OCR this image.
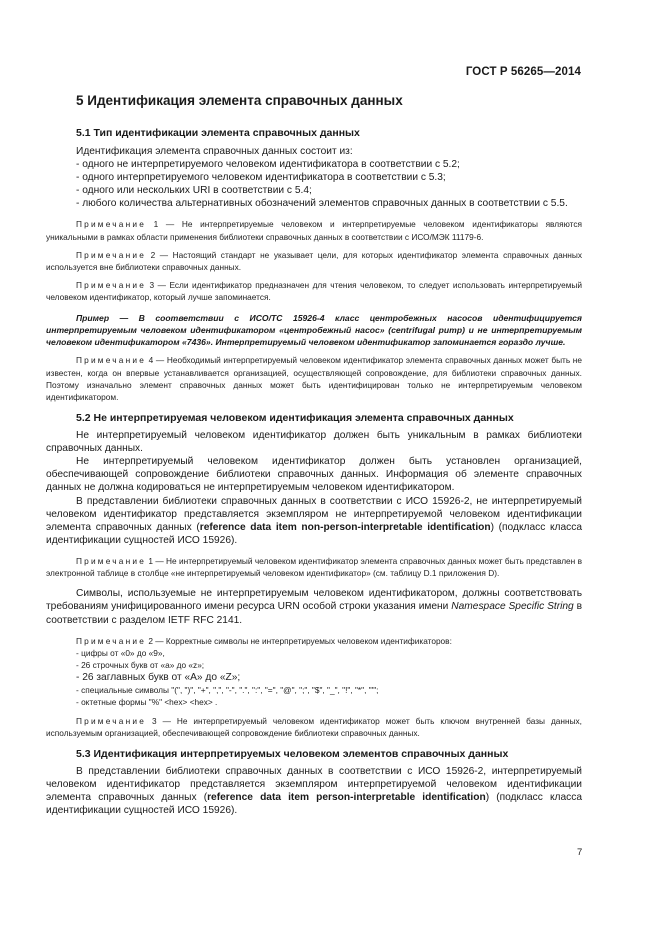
ГОСТ Р 56265—2014
5 Идентификация элемента справочных данных
5.1 Тип идентификации элемента справочных данных

Идентификация элемента справочных данных состоит из:

- одного не интерпретируемого человеком идентификатора в соответствии с 5.2;

- одного интерпретируемого человеком идентификатора в соответствии с 5.3;

- одного или нескольких URI в соответствии с 5.4;

- любого количества альтернативных обозначений элементов справочных данных в соответствии с 5.5.

Примечание 1 — Не интерпретируемые человеком и интерпретируемые человеком идентификаторы являются уникальными в рамках области применения библиотеки справочных данных в соответствии с ИСО/МЭК 11179-6.

Примечание 2 — Настоящий стандарт не указывает цели, для которых идентификатор элемента справочных данных используется вне библиотеки справочных данных.

Примечание 3 — Если идентификатор предназначен для чтения человеком, то следует использовать интерпретируемый человеком идентификатор, который лучше запоминается.

Пример — В соответствии с ИСО/ТС 15926-4 класс центробежных насосов идентифицируется интерпретируемым человеком идентификатором «центробежный насос» (centrifugal pump) и не интерпретируемым человеком идентификатором «7436». Интерпретируемый человеком идентификатор запоминается гораздо лучше.

Примечание 4 — Необходимый интерпретируемый человеком идентификатор элемента справочных данных может быть не известен, когда он впервые устанавливается организацией, осуществляющей сопровождение, для библиотеки справочных данных. Поэтому изначально элемент справочных данных может быть идентифицирован только не интерпретируемым человеком идентификатором.

5.2 Не интерпретируемая человеком идентификация элемента справочных данных

Не интерпретируемый человеком идентификатор должен быть уникальным в рамках библиотеки справочных данных.

Не интерпретируемый человеком идентификатор должен быть установлен организацией, обеспечивающей сопровождение библиотеки справочных данных. Информация об элементе справочных данных не должна кодироваться не интерпретируемым человеком идентификатором.

В представлении библиотеки справочных данных в соответствии с ИСО 15926-2, не интерпретируемый человеком идентификатор представляется экземпляром не интерпретируемой человеком идентификации элемента справочных данных (reference data item non-person-interpretable identification) (подкласс класса идентификации сущностей ИСО 15926).

Примечание 1 — Не интерпретируемый человеком идентификатор элемента справочных данных может быть представлен в электронной таблице в столбце «не интерпретируемый человеком идентификатор» (см. таблицу D.1 приложения D).

Символы, используемые не интерпретируемым человеком идентификатором, должны соответствовать требованиям унифицированного имени ресурса URN особой строки указания имени Namespace Specific String в соответствии с разделом IETF RFC 2141.

Примечание 2 — Корректные символы не интерпретируемых человеком идентификаторов:

- цифры от «0» до «9»,

- 26 строчных букв от «a» до «z»;

- 26 заглавных букв от «A» до «Z»;

- специальные символы "(", ")", "+", ",", "-", ".", ":", "=", "@", ";", "$", "_", "!", "*", "'";

- октетные формы "%" <hex> <hex> .

Примечание 3 — Не интерпретируемый человеком идентификатор может быть ключом внутренней базы данных, используемым организацией, обеспечивающей сопровождение библиотеки справочных данных.

5.3 Идентификация интерпретируемых человеком элементов справочных данных

В представлении библиотеки справочных данных в соответствии с ИСО 15926-2, интерпретируемый человеком идентификатор представляется экземпляром интерпретируемой человеком идентификации элемента справочных данных (reference data item person-interpretable identification) (подкласс класса идентификации сущностей ИСО 15926).

7
